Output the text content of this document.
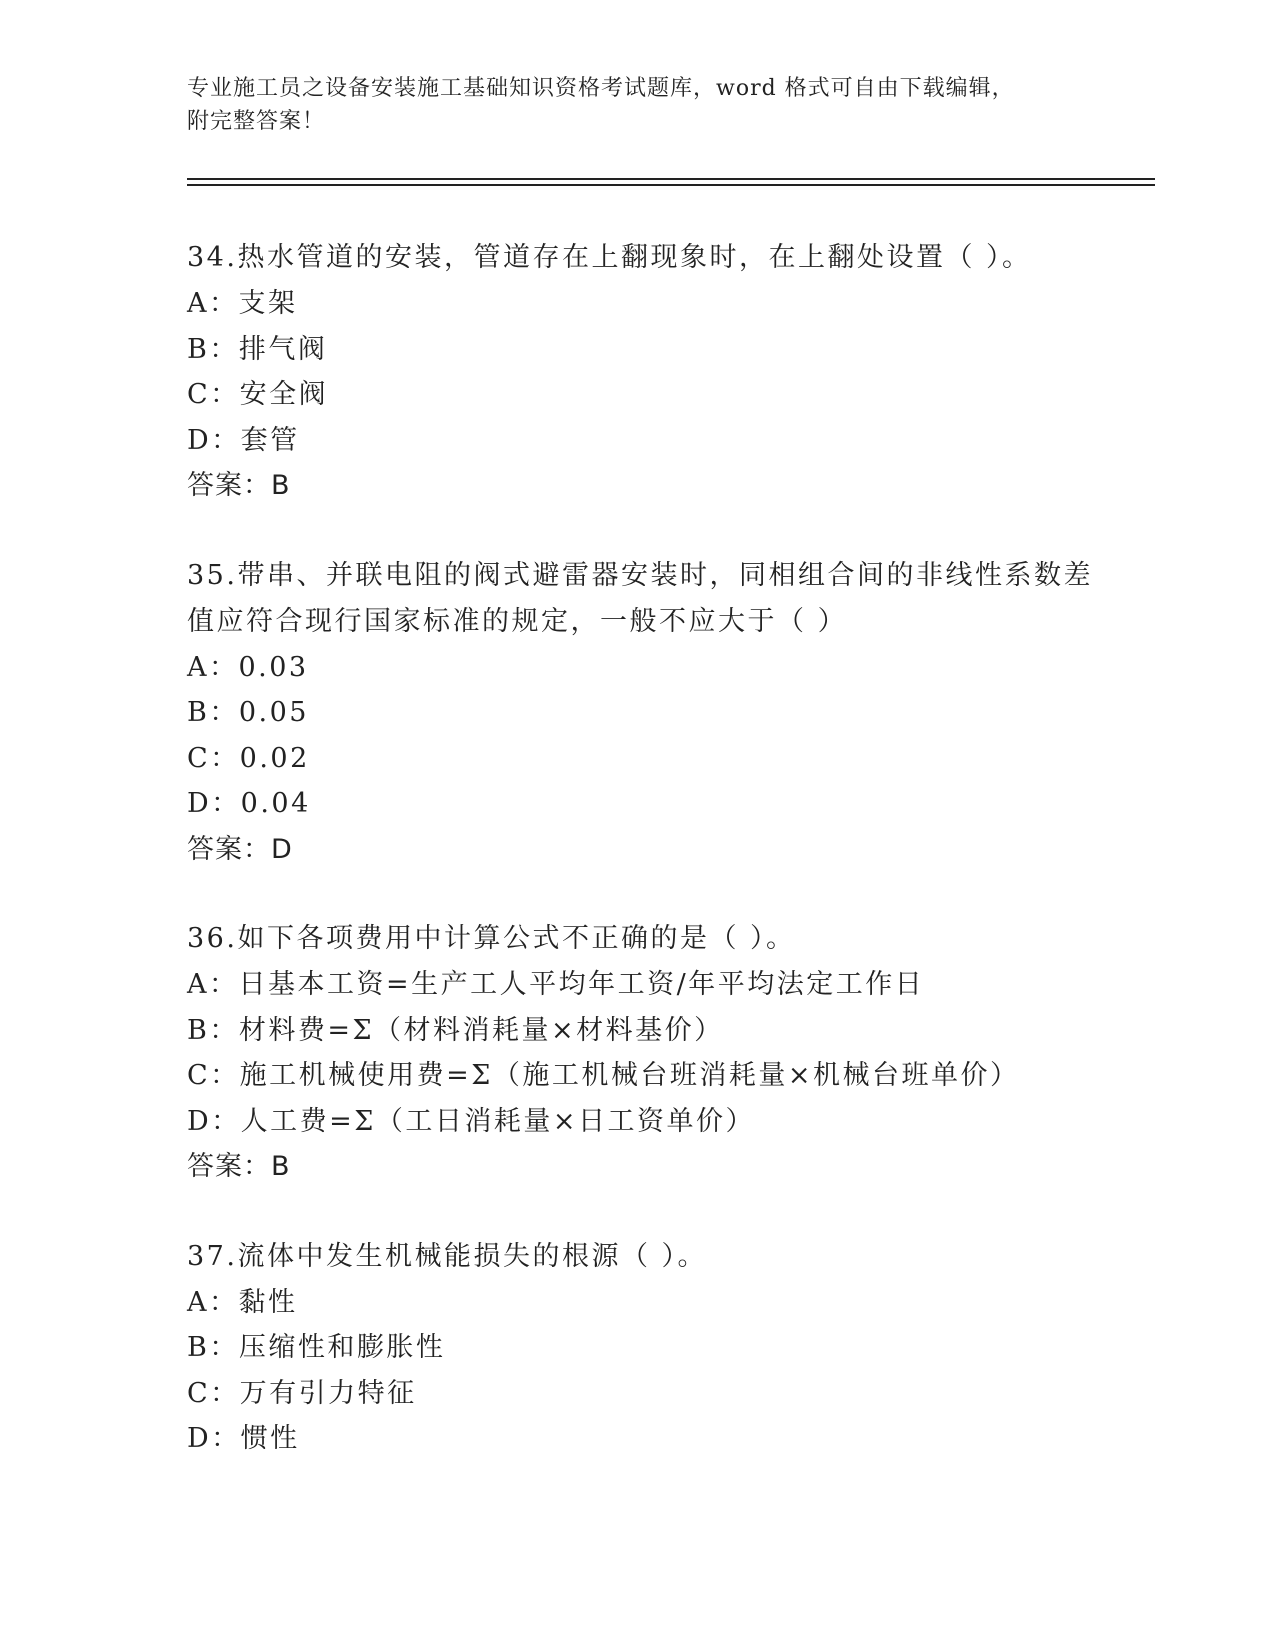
专业施工员之设备安装施工基础知识资格考试题库，word 格式可自由下载编辑，
附完整答案！
34.热水管道的安装，管道存在上翻现象时，在上翻处设置（ ）。
A：支架
B：排气阀
C：安全阀
D：套管
答案：B
35.带串、并联电阻的阀式避雷器安装时，同相组合间的非线性系数差值应符合现行国家标准的规定，一般不应大于（ ）
A：0.03
B：0.05
C：0.02
D：0.04
答案：D
36.如下各项费用中计算公式不正确的是（ ）。
A：日基本工资=生产工人平均年工资/年平均法定工作日
B：材料费=Σ（材料消耗量×材料基价）
C：施工机械使用费=Σ（施工机械台班消耗量×机械台班单价）
D：人工费=Σ（工日消耗量×日工资单价）
答案：B
37.流体中发生机械能损失的根源（ ）。
A：黏性
B：压缩性和膨胀性
C：万有引力特征
D：惯性
